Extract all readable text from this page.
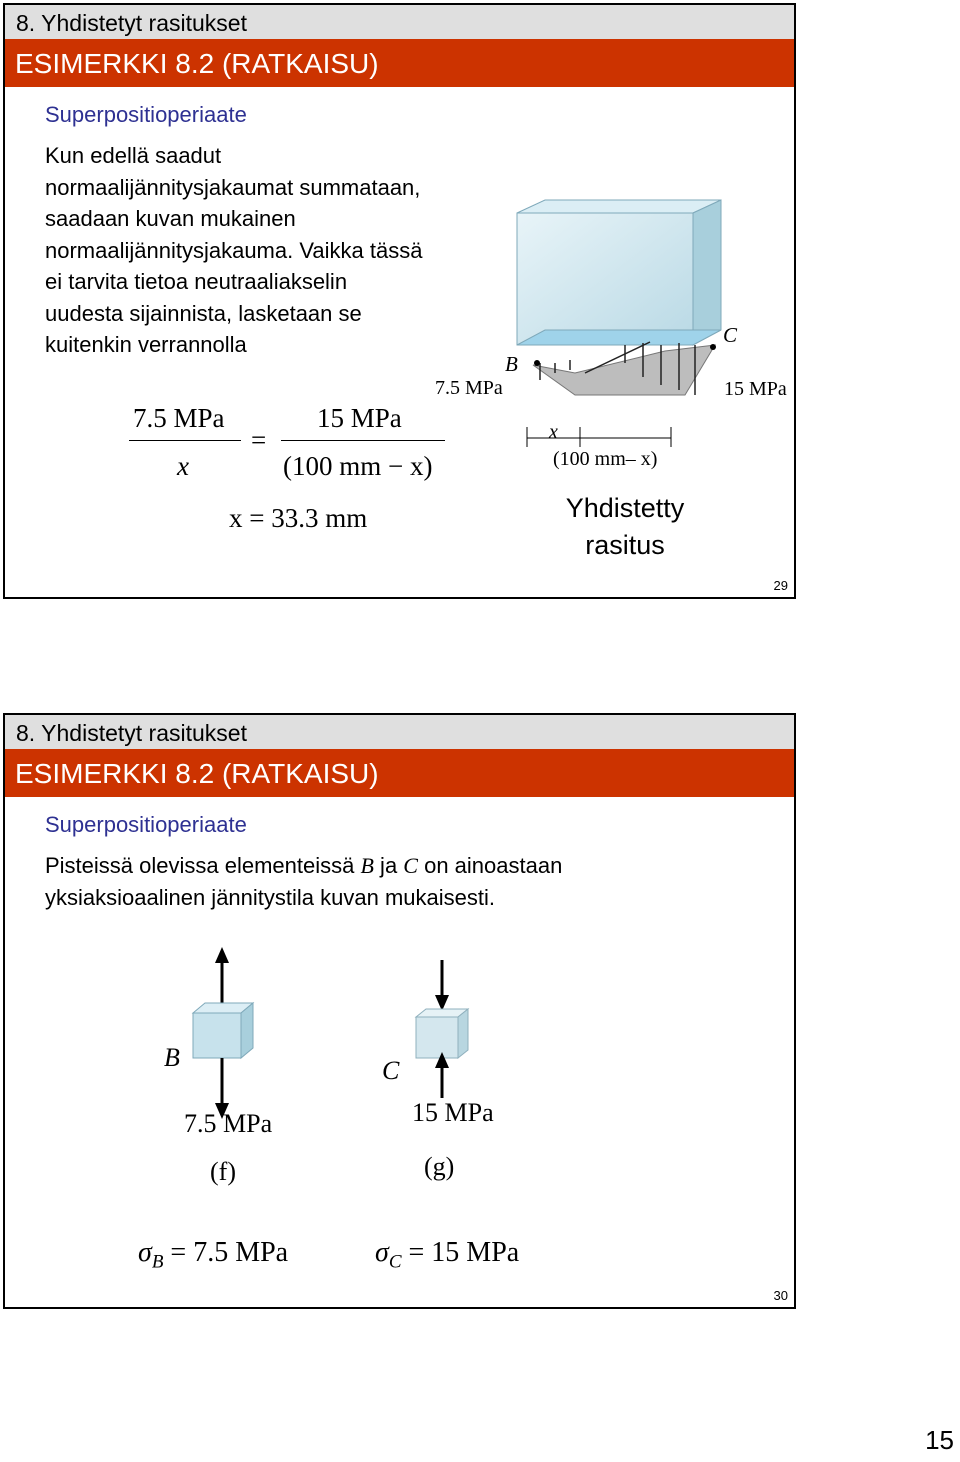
8. Yhdistetyt rasitukset
ESIMERKKI 8.2 (RATKAISU)
Superpositioperiaate
Kun edellä saadut
normaalijännitysjakaumat summataan,
saadaan kuvan mukainen
normaalijännitysjakauma. Vaikka tässä
ei tarvita tietoa neutraaliakselin
uudesta sijainnista, lasketaan se
kuitenkin verrannolla
7.5 MPa
x
=
15 MPa
(100 mm − x)
x = 33.3 mm
B
C
7.5 MPa	15 MPa
x
(100 mm– x)
Yhdistetty
rasitus
29
8. Yhdistetyt rasitukset
ESIMERKKI 8.2 (RATKAISU)
Superpositioperiaate
Pisteissä olevissa elementeissä B ja C on ainoastaan
yksiaksioaalinen jännitystila kuvan mukaisesti.
B
7.5 MPa
(f)
C
15 MPa
(g)
$\sigma_B = 7.5$ MPa	$\sigma_C = 15$ MPa
30
15
